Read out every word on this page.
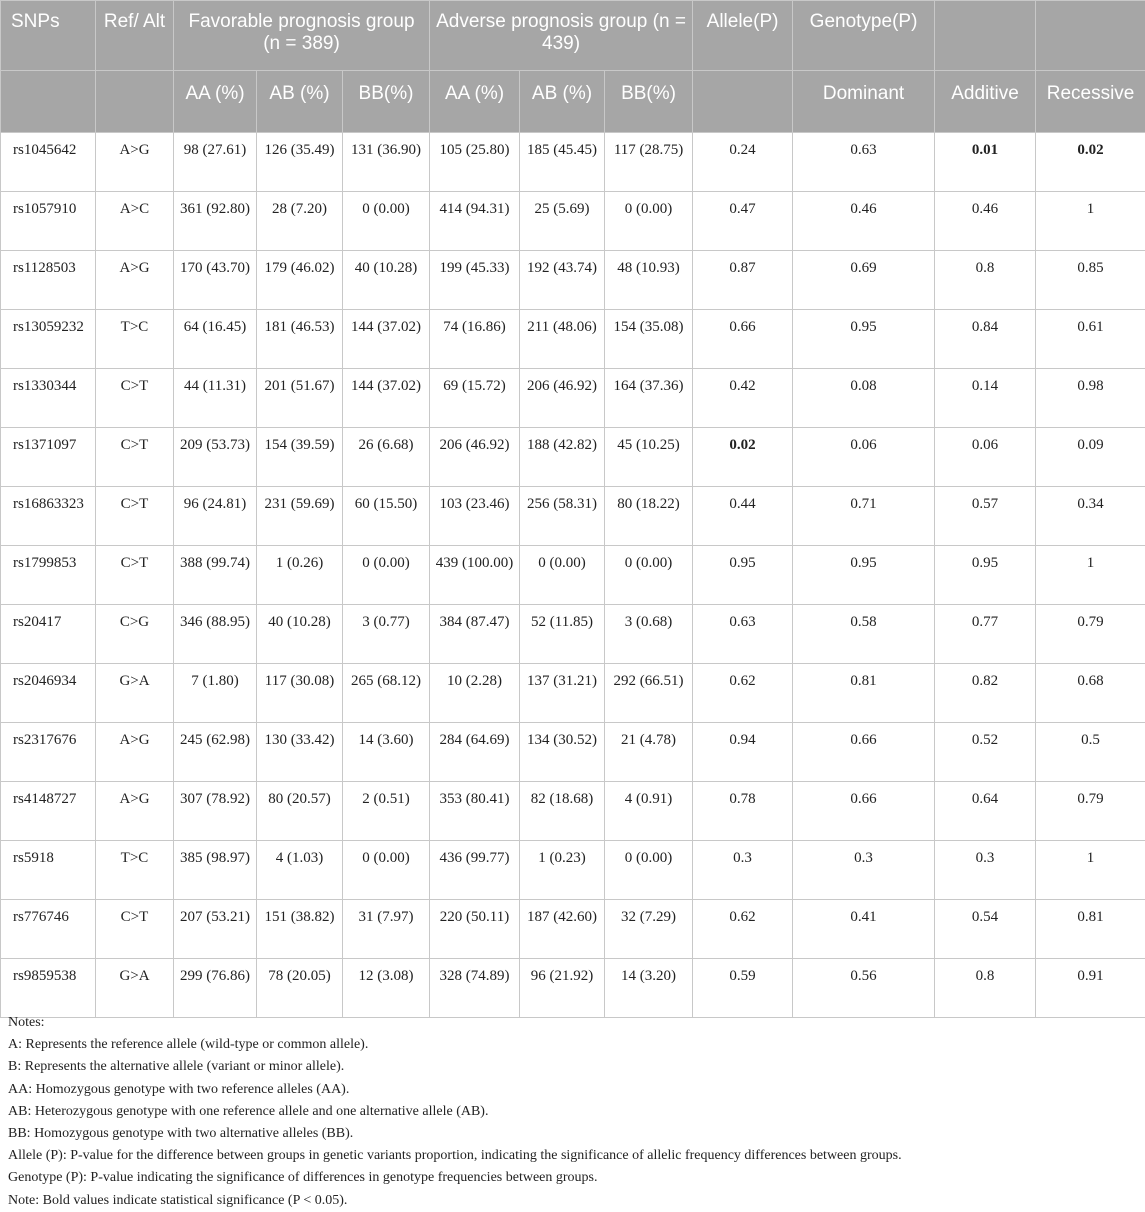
SNPs	Ref/ Alt	Favorable prognosis group (n = 389)			Adverse prognosis group (n = 439)			Allele(P)	Genotype(P)		
		AA (%)	AB (%)	BB(%)	AA (%)	AB (%)	BB(%)		Dominant	Additive	Recessive
rs1045642	A>G	98 (27.61)	126 (35.49)	131 (36.90)	105 (25.80)	185 (45.45)	117 (28.75)	0.24	0.63	0.01	0.02
rs1057910	A>C	361 (92.80)	28 (7.20)	0 (0.00)	414 (94.31)	25 (5.69)	0 (0.00)	0.47	0.46	0.46	1
rs1128503	A>G	170 (43.70)	179 (46.02)	40 (10.28)	199 (45.33)	192 (43.74)	48 (10.93)	0.87	0.69	0.8	0.85
rs13059232	T>C	64 (16.45)	181 (46.53)	144 (37.02)	74 (16.86)	211 (48.06)	154 (35.08)	0.66	0.95	0.84	0.61
rs1330344	C>T	44 (11.31)	201 (51.67)	144 (37.02)	69 (15.72)	206 (46.92)	164 (37.36)	0.42	0.08	0.14	0.98
rs1371097	C>T	209 (53.73)	154 (39.59)	26 (6.68)	206 (46.92)	188 (42.82)	45 (10.25)	0.02	0.06	0.06	0.09
rs16863323	C>T	96 (24.81)	231 (59.69)	60 (15.50)	103 (23.46)	256 (58.31)	80 (18.22)	0.44	0.71	0.57	0.34
rs1799853	C>T	388 (99.74)	1 (0.26)	0 (0.00)	439 (100.00)	0 (0.00)	0 (0.00)	0.95	0.95	0.95	1
rs20417	C>G	346 (88.95)	40 (10.28)	3 (0.77)	384 (87.47)	52 (11.85)	3 (0.68)	0.63	0.58	0.77	0.79
rs2046934	G>A	7 (1.80)	117 (30.08)	265 (68.12)	10 (2.28)	137 (31.21)	292 (66.51)	0.62	0.81	0.82	0.68
rs2317676	A>G	245 (62.98)	130 (33.42)	14 (3.60)	284 (64.69)	134 (30.52)	21 (4.78)	0.94	0.66	0.52	0.5
rs4148727	A>G	307 (78.92)	80 (20.57)	2 (0.51)	353 (80.41)	82 (18.68)	4 (0.91)	0.78	0.66	0.64	0.79
rs5918	T>C	385 (98.97)	4 (1.03)	0 (0.00)	436 (99.77)	1 (0.23)	0 (0.00)	0.3	0.3	0.3	1
rs776746	C>T	207 (53.21)	151 (38.82)	31 (7.97)	220 (50.11)	187 (42.60)	32 (7.29)	0.62	0.41	0.54	0.81
rs9859538	G>A	299 (76.86)	78 (20.05)	12 (3.08)	328 (74.89)	96 (21.92)	14 (3.20)	0.59	0.56	0.8	0.91
Notes:
A: Represents the reference allele (wild-type or common allele).
B: Represents the alternative allele (variant or minor allele).
AA: Homozygous genotype with two reference alleles (AA).
AB: Heterozygous genotype with one reference allele and one alternative allele (AB).
BB: Homozygous genotype with two alternative alleles (BB).
Allele (P): P-value for the difference between groups in genetic variants proportion, indicating the significance of allelic frequency differences between groups.
Genotype (P): P-value indicating the significance of differences in genotype frequencies between groups.
Note: Bold values indicate statistical significance (P < 0.05).
